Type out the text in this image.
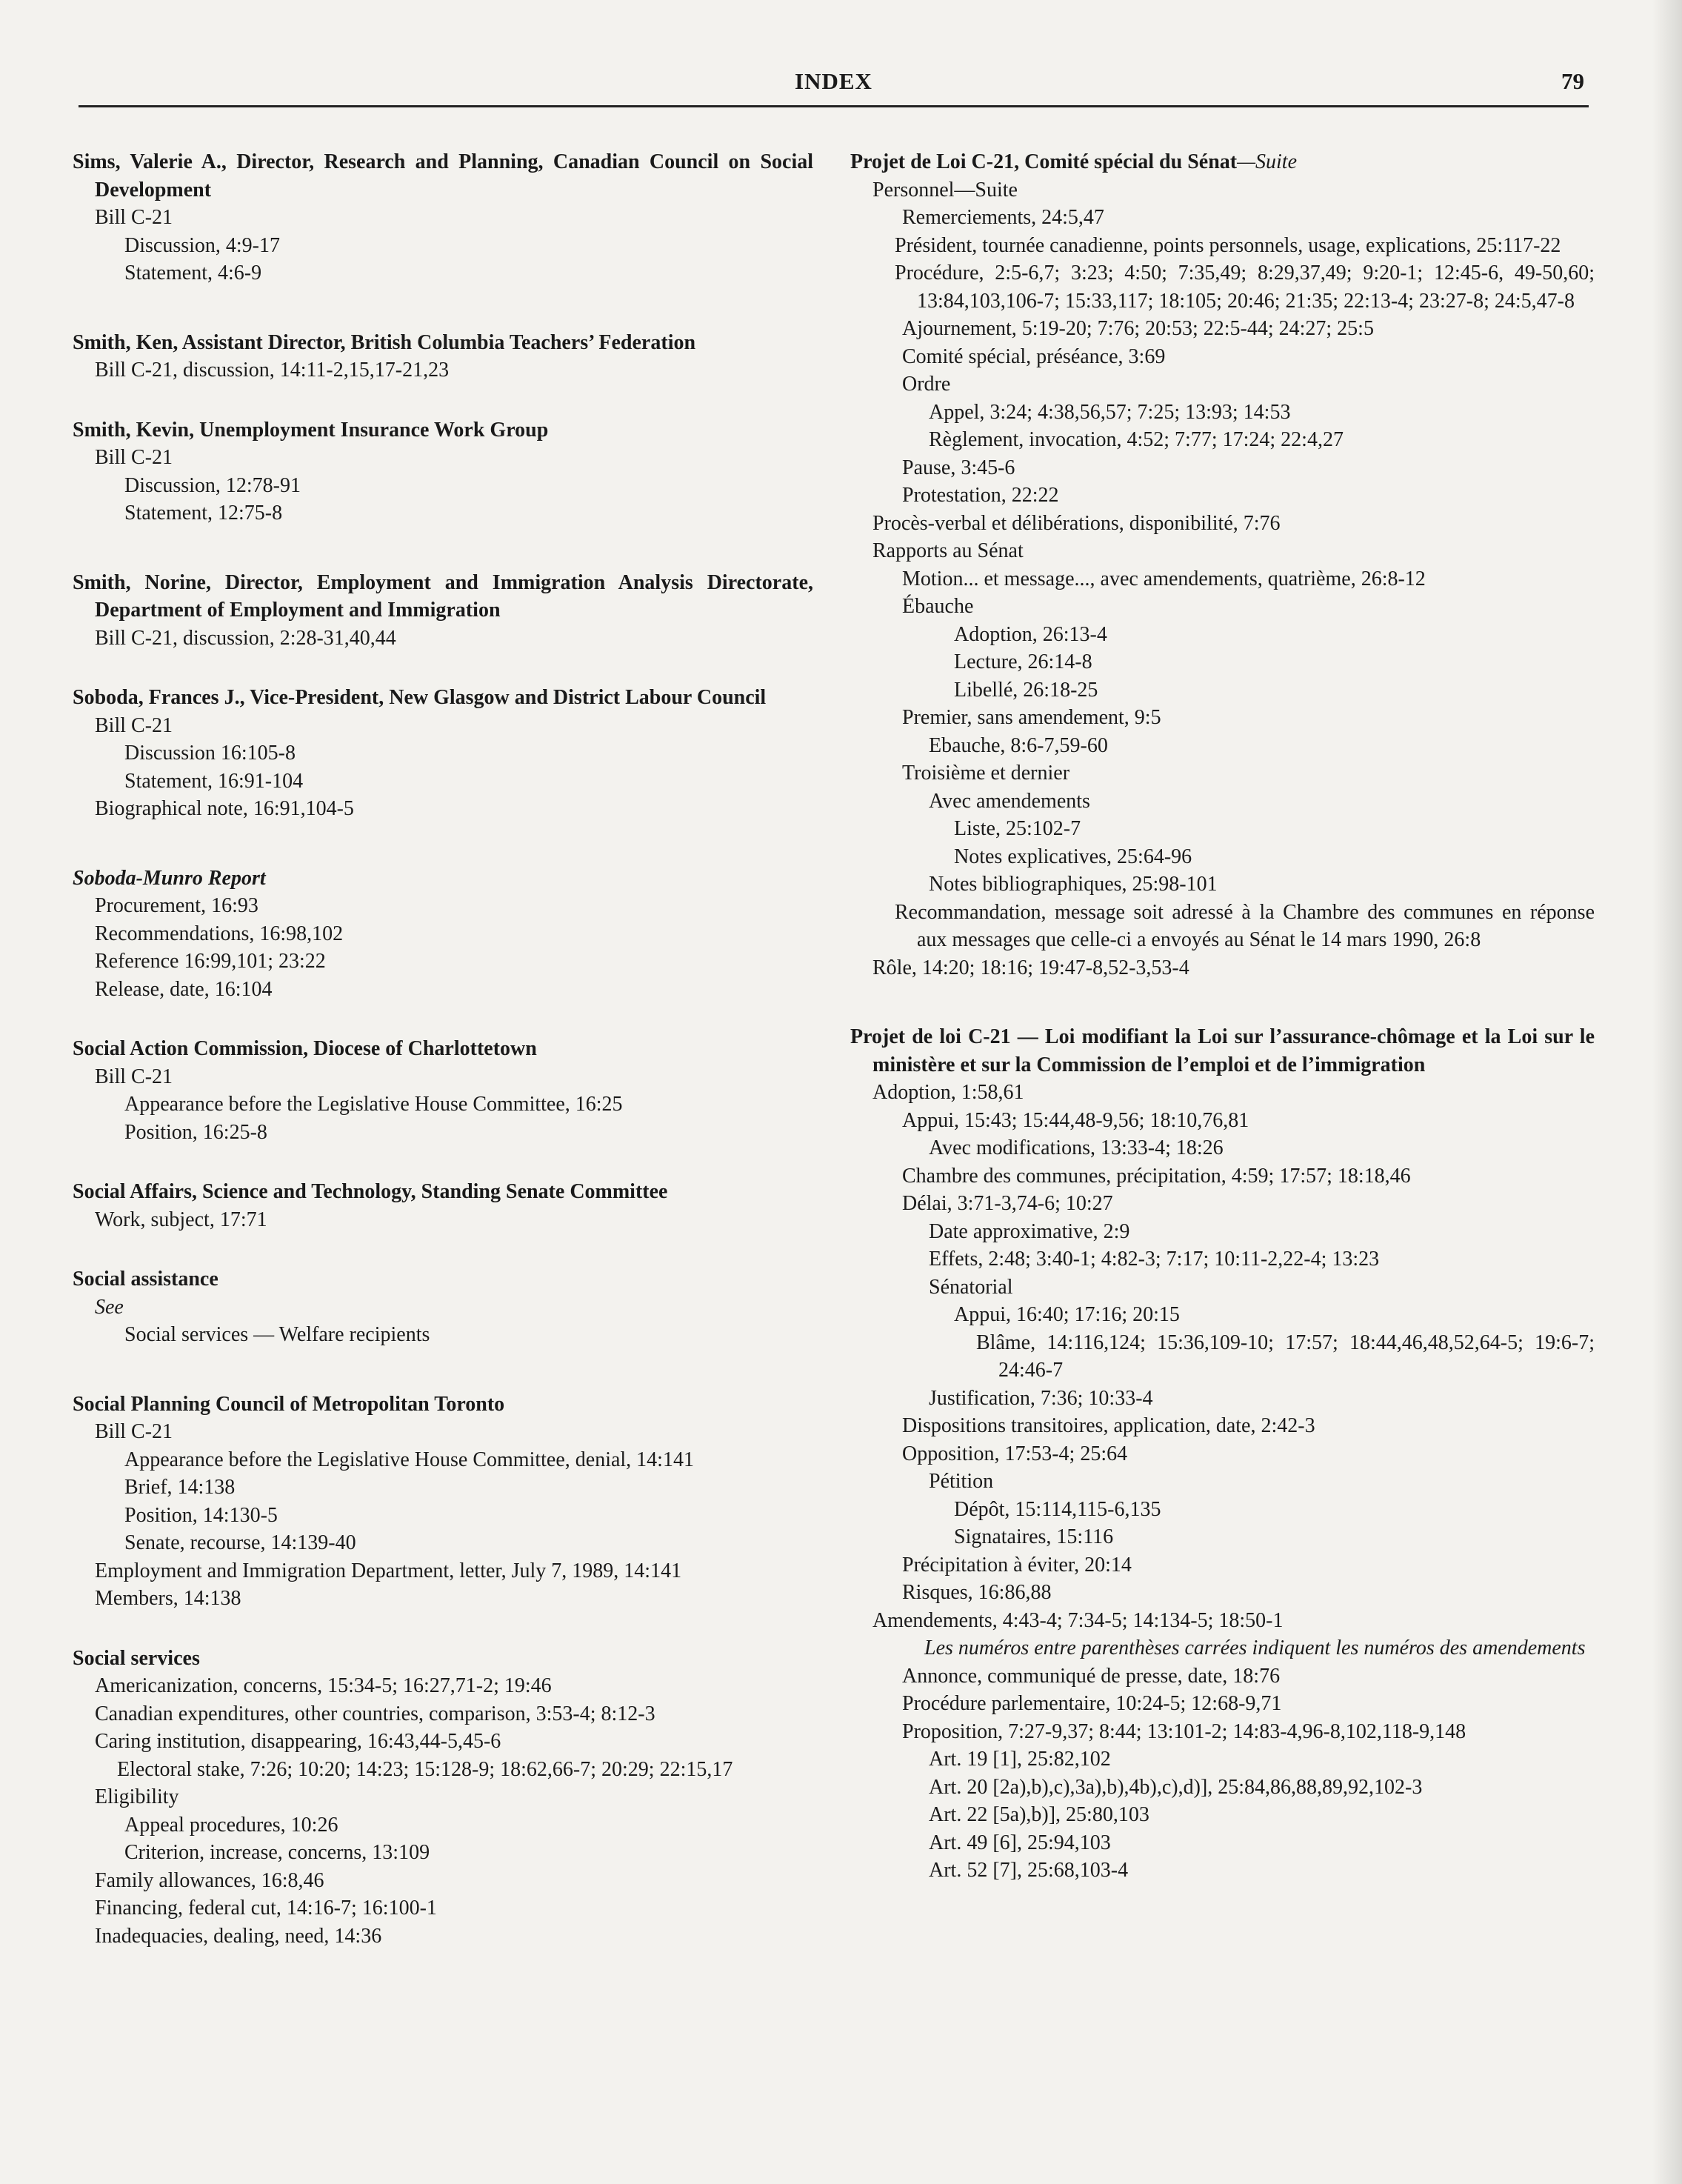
INDEX	79
Sims, Valerie A., Director, Research and Planning, Canadian Council on Social Development
Bill C-21
Discussion, 4:9-17
Statement, 4:6-9
Smith, Ken, Assistant Director, British Columbia Teachers’ Federation
Bill C-21, discussion, 14:11-2,15,17-21,23
Smith, Kevin, Unemployment Insurance Work Group
Bill C-21
Discussion, 12:78-91
Statement, 12:75-8
Smith, Norine, Director, Employment and Immigration Analysis Directorate, Department of Employment and Immigration
Bill C-21, discussion, 2:28-31,40,44
Soboda, Frances J., Vice-President, New Glasgow and District Labour Council
Bill C-21
Discussion 16:105-8
Statement, 16:91-104
Biographical note, 16:91,104-5
Soboda-Munro Report
Procurement, 16:93
Recommendations, 16:98,102
Reference 16:99,101; 23:22
Release, date, 16:104
Social Action Commission, Diocese of Charlottetown
Bill C-21
Appearance before the Legislative House Committee, 16:25
Position, 16:25-8
Social Affairs, Science and Technology, Standing Senate Committee
Work, subject, 17:71
Social assistance
See
Social services — Welfare recipients
Social Planning Council of Metropolitan Toronto
Bill C-21
Appearance before the Legislative House Committee, denial, 14:141
Brief, 14:138
Position, 14:130-5
Senate, recourse, 14:139-40
Employment and Immigration Department, letter, July 7, 1989, 14:141
Members, 14:138
Social services
Americanization, concerns, 15:34-5; 16:27,71-2; 19:46
Canadian expenditures, other countries, comparison, 3:53-4; 8:12-3
Caring institution, disappearing, 16:43,44-5,45-6
Electoral stake, 7:26; 10:20; 14:23; 15:128-9; 18:62,66-7; 20:29; 22:15,17
Eligibility
Appeal procedures, 10:26
Criterion, increase, concerns, 13:109
Family allowances, 16:8,46
Financing, federal cut, 14:16-7; 16:100-1
Inadequacies, dealing, need, 14:36
Projet de Loi C-21, Comité spécial du Sénat—Suite
Personnel—Suite
Remerciements, 24:5,47
Président, tournée canadienne, points personnels, usage, explications, 25:117-22
Procédure, 2:5-6,7; 3:23; 4:50; 7:35,49; 8:29,37,49; 9:20-1; 12:45-6, 49-50,60; 13:84,103,106-7; 15:33,117; 18:105; 20:46; 21:35; 22:13-4; 23:27-8; 24:5,47-8
Ajournement, 5:19-20; 7:76; 20:53; 22:5-44; 24:27; 25:5
Comité spécial, préséance, 3:69
Ordre
Appel, 3:24; 4:38,56,57; 7:25; 13:93; 14:53
Règlement, invocation, 4:52; 7:77; 17:24; 22:4,27
Pause, 3:45-6
Protestation, 22:22
Procès-verbal et délibérations, disponibilité, 7:76
Rapports au Sénat
Motion... et message..., avec amendements, quatrième, 26:8-12
Ébauche
Adoption, 26:13-4
Lecture, 26:14-8
Libellé, 26:18-25
Premier, sans amendement, 9:5
Ebauche, 8:6-7,59-60
Troisième et dernier
Avec amendements
Liste, 25:102-7
Notes explicatives, 25:64-96
Notes bibliographiques, 25:98-101
Recommandation, message soit adressé à la Chambre des communes en réponse aux messages que celle-ci a envoyés au Sénat le 14 mars 1990, 26:8
Rôle, 14:20; 18:16; 19:47-8,52-3,53-4
Projet de loi C-21 — Loi modifiant la Loi sur l’assurance-chômage et la Loi sur le ministère et sur la Commission de l’emploi et de l’immigration
Adoption, 1:58,61
Appui, 15:43; 15:44,48-9,56; 18:10,76,81
Avec modifications, 13:33-4; 18:26
Chambre des communes, précipitation, 4:59; 17:57; 18:18,46
Délai, 3:71-3,74-6; 10:27
Date approximative, 2:9
Effets, 2:48; 3:40-1; 4:82-3; 7:17; 10:11-2,22-4; 13:23
Sénatorial
Appui, 16:40; 17:16; 20:15
Blâme, 14:116,124; 15:36,109-10; 17:57; 18:44,46,48,52,64-5; 19:6-7; 24:46-7
Justification, 7:36; 10:33-4
Dispositions transitoires, application, date, 2:42-3
Opposition, 17:53-4; 25:64
Pétition
Dépôt, 15:114,115-6,135
Signataires, 15:116
Précipitation à éviter, 20:14
Risques, 16:86,88
Amendements, 4:43-4; 7:34-5; 14:134-5; 18:50-1
Les numéros entre parenthèses carrées indiquent les numéros des amendements
Annonce, communiqué de presse, date, 18:76
Procédure parlementaire, 10:24-5; 12:68-9,71
Proposition, 7:27-9,37; 8:44; 13:101-2; 14:83-4,96-8,102,118-9,148
Art. 19 [1], 25:82,102
Art. 20 [2a),b),c),3a),b),4b),c),d)], 25:84,86,88,89,92,102-3
Art. 22 [5a),b)], 25:80,103
Art. 49 [6], 25:94,103
Art. 52 [7], 25:68,103-4
